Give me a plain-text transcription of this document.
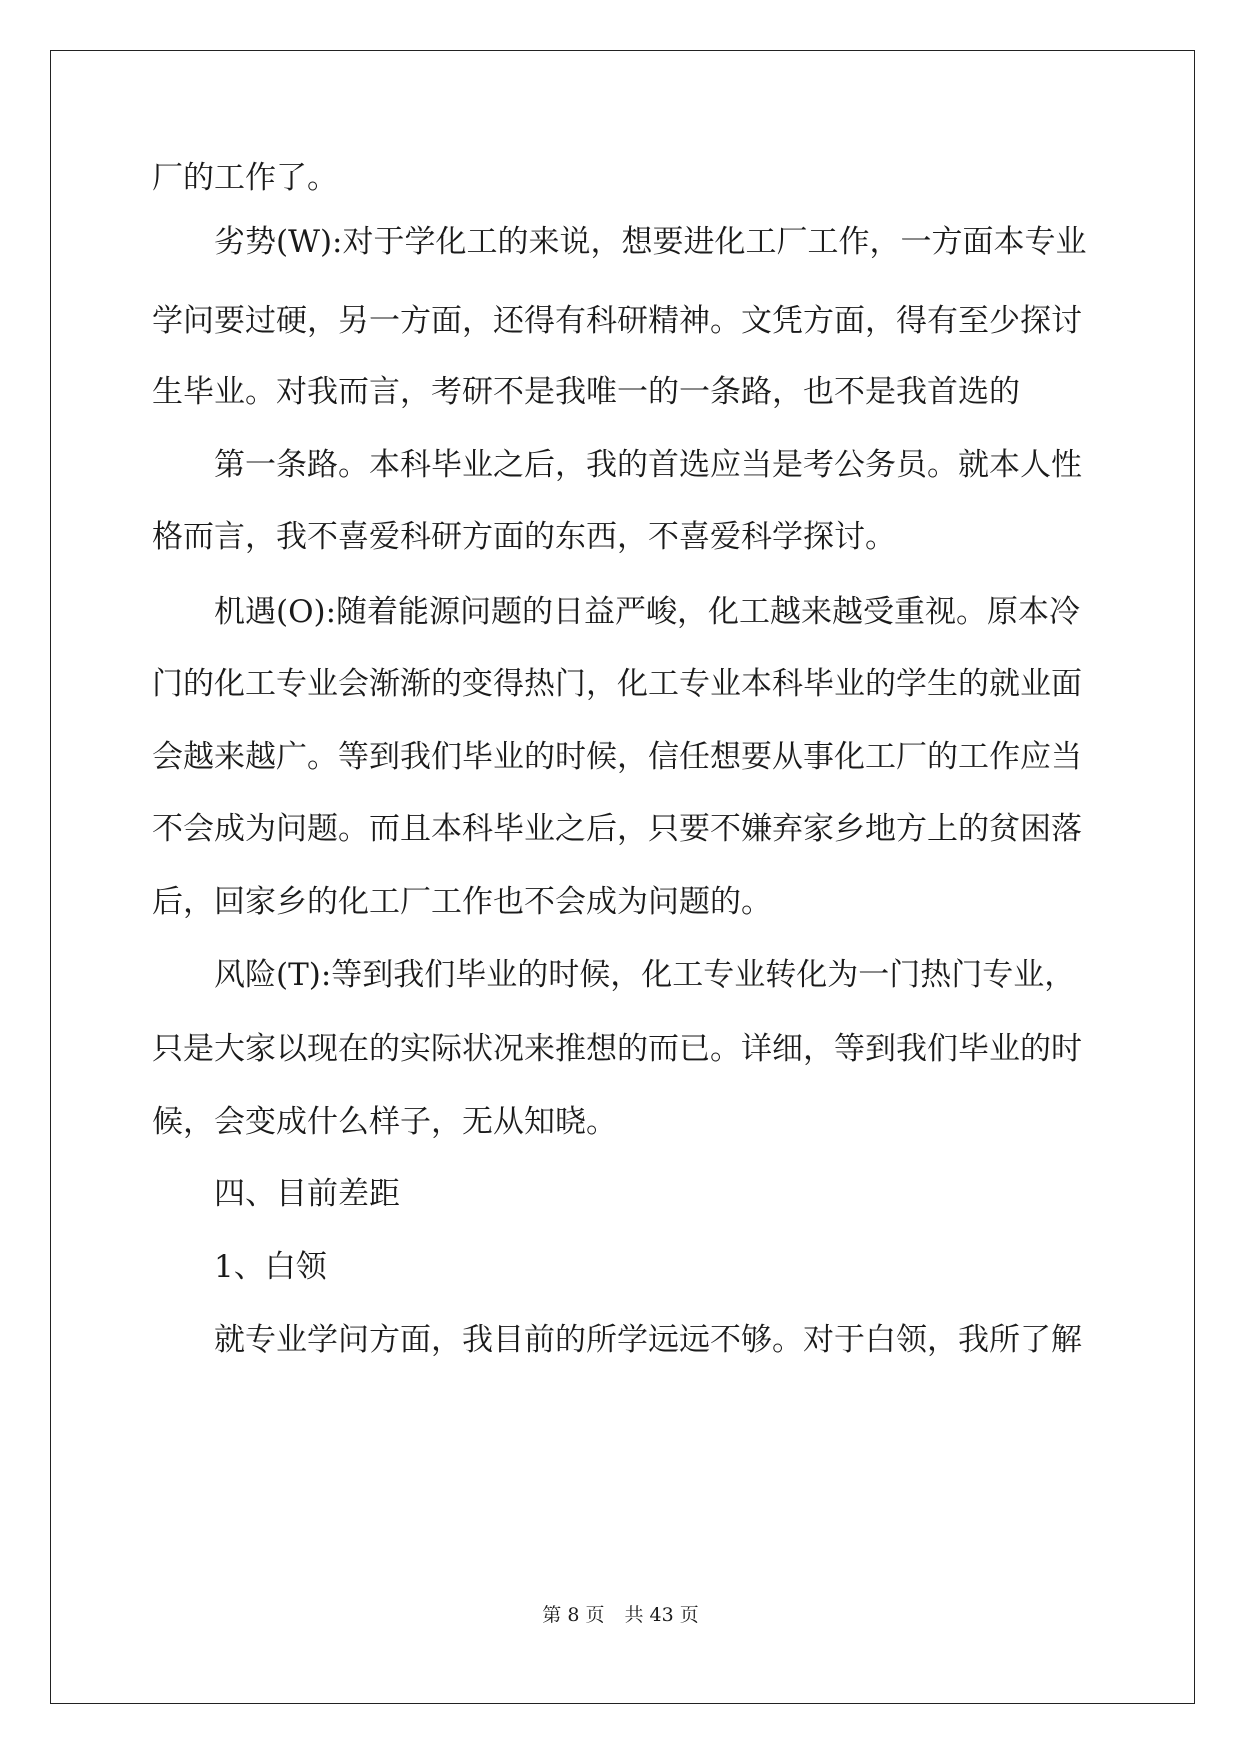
厂的工作了。

劣势(W):对于学化工的来说，想要进化工厂工作，一方面本专业

学问要过硬，另一方面，还得有科研精神。文凭方面，得有至少探讨

生毕业。对我而言，考研不是我唯一的一条路，也不是我首选的

第一条路。本科毕业之后，我的首选应当是考公务员。就本人性

格而言，我不喜爱科研方面的东西，不喜爱科学探讨。

机遇(O):随着能源问题的日益严峻，化工越来越受重视。原本冷

门的化工专业会渐渐的变得热门，化工专业本科毕业的学生的就业面

会越来越广。等到我们毕业的时候，信任想要从事化工厂的工作应当

不会成为问题。而且本科毕业之后，只要不嫌弃家乡地方上的贫困落

后，回家乡的化工厂工作也不会成为问题的。

风险(T):等到我们毕业的时候，化工专业转化为一门热门专业，

只是大家以现在的实际状况来推想的而已。详细，等到我们毕业的时

候，会变成什么样子，无从知晓。

四、目前差距

1、白领

就专业学问方面，我目前的所学远远不够。对于白领，我所了解

第 8 页 共 43 页
